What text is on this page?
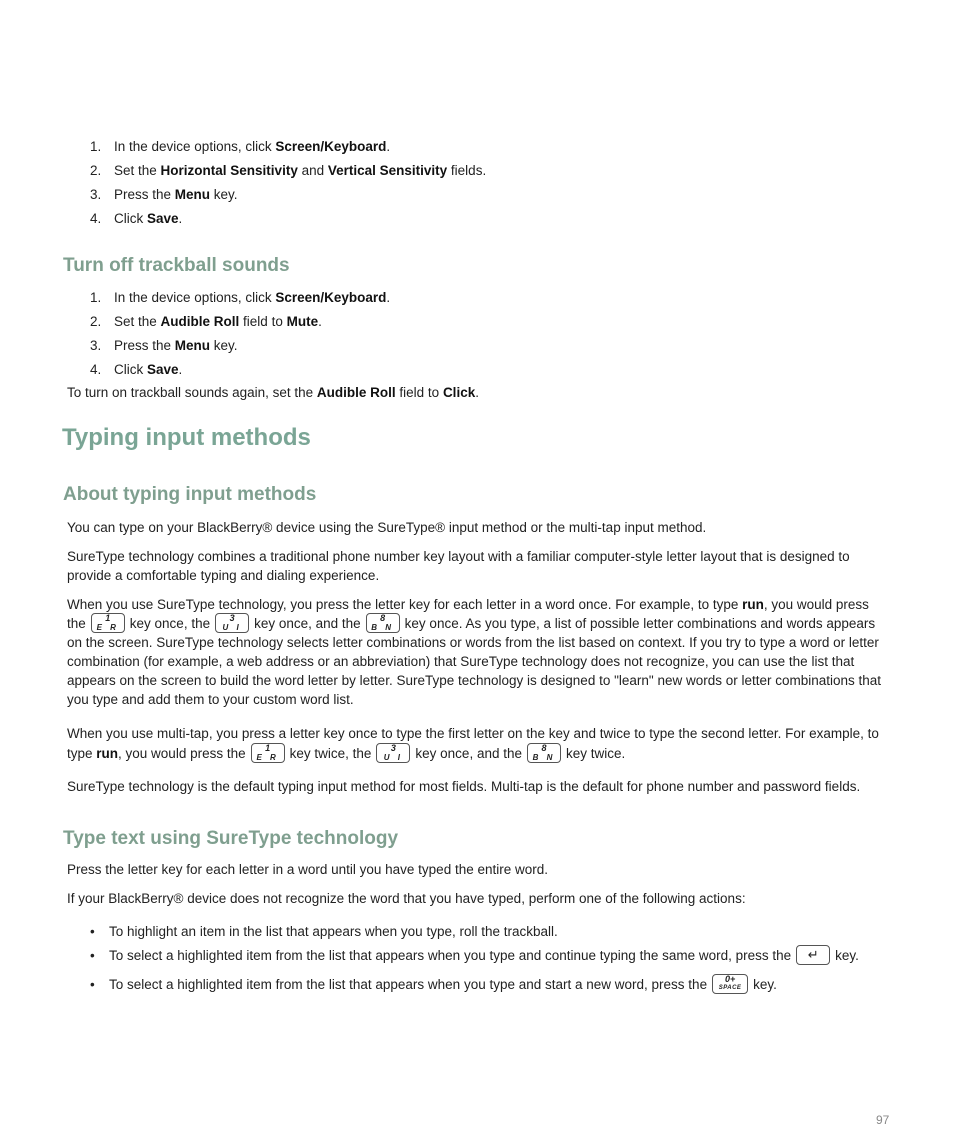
1. In the device options, click Screen/Keyboard.
2. Set the Horizontal Sensitivity and Vertical Sensitivity fields.
3. Press the Menu key.
4. Click Save.
Turn off trackball sounds
1. In the device options, click Screen/Keyboard.
2. Set the Audible Roll field to Mute.
3. Press the Menu key.
4. Click Save.
To turn on trackball sounds again, set the Audible Roll field to Click.
Typing input methods
About typing input methods
You can type on your BlackBerry® device using the SureType® input method or the multi-tap input method.
SureType technology combines a traditional phone number key layout with a familiar computer-style letter layout that is designed to provide a comfortable typing and dialing experience.
When you use SureType technology, you press the letter key for each letter in a word once. For example, to type run, you would press the	1
E R key once, the	3
U I key once, and the	8
B N key once. As you type, a list of possible letter combinations and words appears on the screen. SureType technology selects letter combinations or words from the list based on context. If you try to type a word or letter combination (for example, a web address or an abbreviation) that SureType technology does not recognize, you can use the list that appears on the screen to build the word letter by letter. SureType technology is designed to "learn" new words or letter combinations that you type and add them to your custom word list.
When you use multi-tap, you press a letter key once to type the first letter on the key and twice to type the second letter. For example, to type run, you would press the	1
E R key twice, the	3
U I key once, and the	8
B N key twice.
SureType technology is the default typing input method for most fields. Multi-tap is the default for phone number and password fields.
Type text using SureType technology
Press the letter key for each letter in a word until you have typed the entire word.
If your BlackBerry® device does not recognize the word that you have typed, perform one of the following actions:
• To highlight an item in the list that appears when you type, roll the trackball.
• To select a highlighted item from the list that appears when you type and continue typing the same word, press the	↵	key.
• To select a highlighted item from the list that appears when you type and start a new word, press the	0+
SPACE key.
97
